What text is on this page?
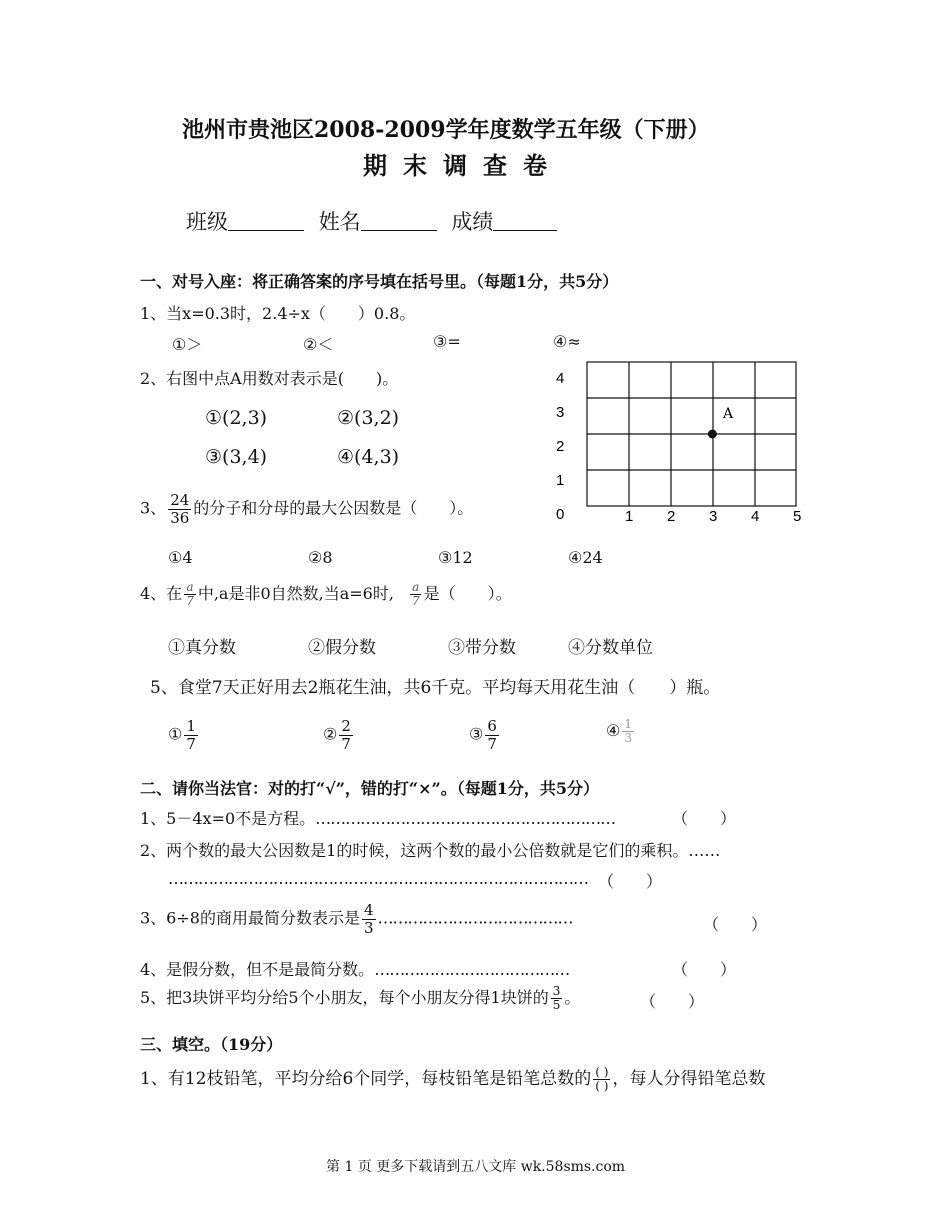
池州市贵池区2008-2009学年度数学五年级（下册）
期末调查卷
班级	姓名	成绩
一、对号入座：将正确答案的序号填在括号里。（每题1分，共5分）
1、当x=0.3时，2.4÷x（　　）0.8。
①＞	②＜	③=	④≈
2、右图中点A用数对表示是(　　)。
①(2,3)	②(3,2)
③(3,4)	④(4,3)
4
3
2
1
0	1 2 3 4 5
A
3、 $\frac{24}{36}$ 的分子和分母的最大公因数是（　　）。
①4	②8	③12	④24
4、在 $\frac{a}{7}$ 中,a是非0自然数,当a=6时, $\frac{a}{7}$ 是（　　）。
①真分数	②假分数	③带分数	④分数单位
5、食堂7天正好用去2瓶花生油，共6千克。平均每天用花生油（　　）瓶。
① $\frac{1}{7}$	② $\frac{2}{7}$	③ $\frac{6}{7}$	④ $\frac{1}{3}$
二、请你当法官：对的打“√”，错的打“×”。（每题1分，共5分）
1、5－4x=0不是方程。……………………………………………………	（　　）
2、两个数的最大公因数是1的时候，这两个数的最小公倍数就是它们的乘积。……
………………………………………………………………………… （　　）
3、6÷8的商用最简分数表示是 $\frac{4}{3}$ …………………………………	（　　）
4、是假分数，但不是最简分数。…………………………………	（　　）
5、把3块饼平均分给5个小朋友，每个小朋友分得1块饼的 $\frac{3}{5}$ 。	（　　）
三、填空。（19分）
1、有12枝铅笔，平均分给6个同学，每枝铅笔是铅笔总数的 $\frac{( )}{( )}$ ，每人分得铅笔总数
第 1 页 更多下载请到五八文库 wk.58sms.com
